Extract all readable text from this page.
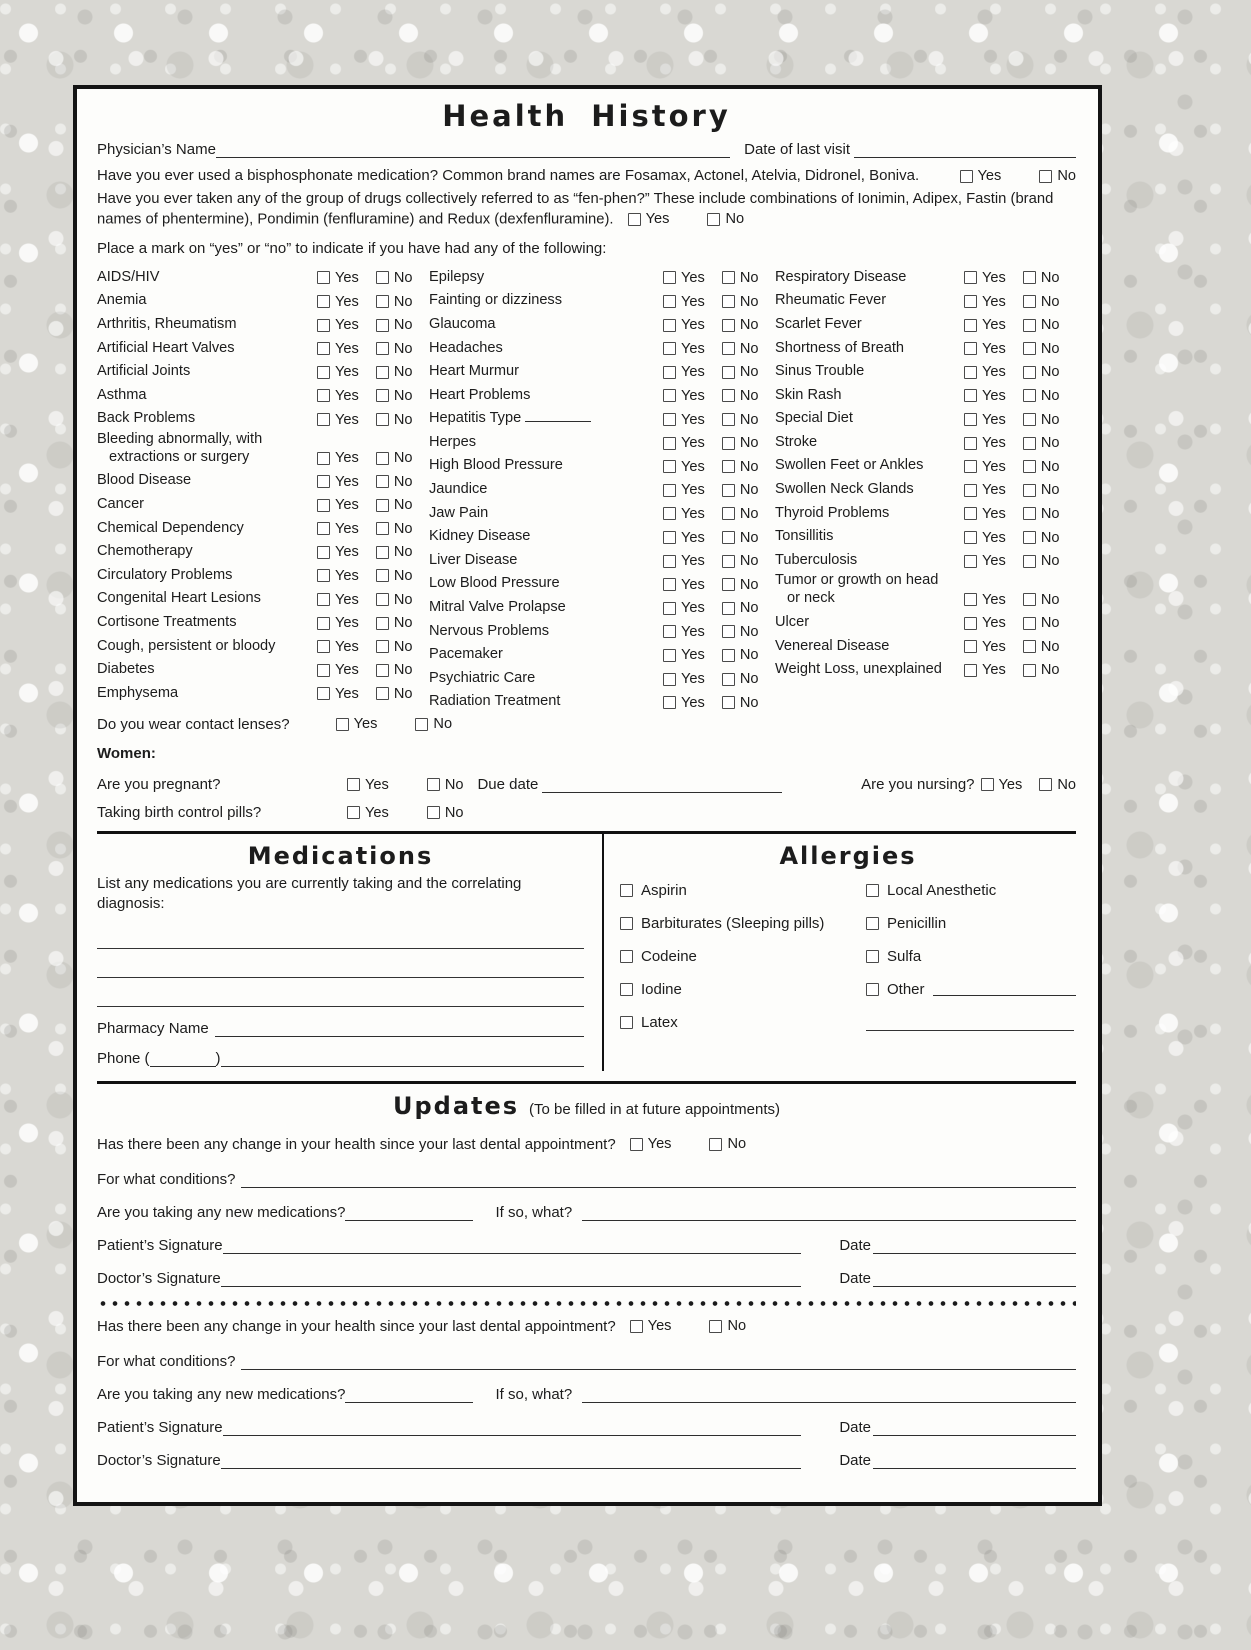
Health History
Physician’s Name	Date of last visit
Have you ever used a bisphosphonate medication? Common brand names are Fosamax, Actonel, Atelvia, Didronel, Boniva.	Yes	No

Have you ever taken any of the group of drugs collectively referred to as “fen-phen?” These include combinations of Ionimin, Adipex, Fastin (brand names of phentermine), Pondimin (fenfluramine) and Redux (dexfenfluramine). Yes	No

Place a mark on “yes” or “no” to indicate if you have had any of the following:

AIDS/HIV	Yes No
Anemia	Yes No
Arthritis, Rheumatism	Yes No
Artificial Heart Valves	Yes No
Artificial Joints	Yes No
Asthma	Yes No
Back Problems	Yes No
Bleeding abnormally, with
extractions or surgery	Yes No
Blood Disease	Yes No
Cancer	Yes No
Chemical Dependency	Yes No
Chemotherapy	Yes No
Circulatory Problems	Yes No
Congenital Heart Lesions	Yes No
Cortisone Treatments	Yes No
Cough, persistent or bloody	Yes No
Diabetes	Yes No
Emphysema	Yes No
Epilepsy	Yes No
Fainting or dizziness	Yes No
Glaucoma	Yes No
Headaches	Yes No
Heart Murmur	Yes No
Heart Problems	Yes No
Hepatitis Type	Yes No
Herpes	Yes No
High Blood Pressure	Yes No
Jaundice	Yes No
Jaw Pain	Yes No
Kidney Disease	Yes No
Liver Disease	Yes No
Low Blood Pressure	Yes No
Mitral Valve Prolapse	Yes No
Nervous Problems	Yes No
Pacemaker	Yes No
Psychiatric Care	Yes No
Radiation Treatment	Yes No
Respiratory Disease	Yes No
Rheumatic Fever	Yes No
Scarlet Fever	Yes No
Shortness of Breath	Yes No
Sinus Trouble	Yes No
Skin Rash	Yes No
Special Diet	Yes No
Stroke	Yes No
Swollen Feet or Ankles	Yes No
Swollen Neck Glands	Yes No
Thyroid Problems	Yes No
Tonsillitis	Yes No
Tuberculosis	Yes No
Tumor or growth on head
or neck	Yes No
Ulcer	Yes No
Venereal Disease	Yes No
Weight Loss, unexplained	Yes No
Do you wear contact lenses?	Yes	No
Women:
Are you pregnant?	Yes	No Due date	Are you nursing? Yes No
Taking birth control pills?	Yes	No
Medications

List any medications you are currently taking and the correlating diagnosis:

Pharmacy Name
Phone (	)
Allergies
Aspirin
Barbiturates (Sleeping pills)
Codeine
Iodine
Latex
Local Anesthetic
Penicillin
Sulfa
Other
Updates (To be filled in at future appointments)
Has there been any change in your health since your last dental appointment? Yes	No
For what conditions?
Are you taking any new medications?	If so, what?
Patient’s Signature	Date
Doctor’s Signature	Date
Has there been any change in your health since your last dental appointment? Yes	No
For what conditions?
Are you taking any new medications?	If so, what?
Patient’s Signature	Date
Doctor’s Signature	Date
